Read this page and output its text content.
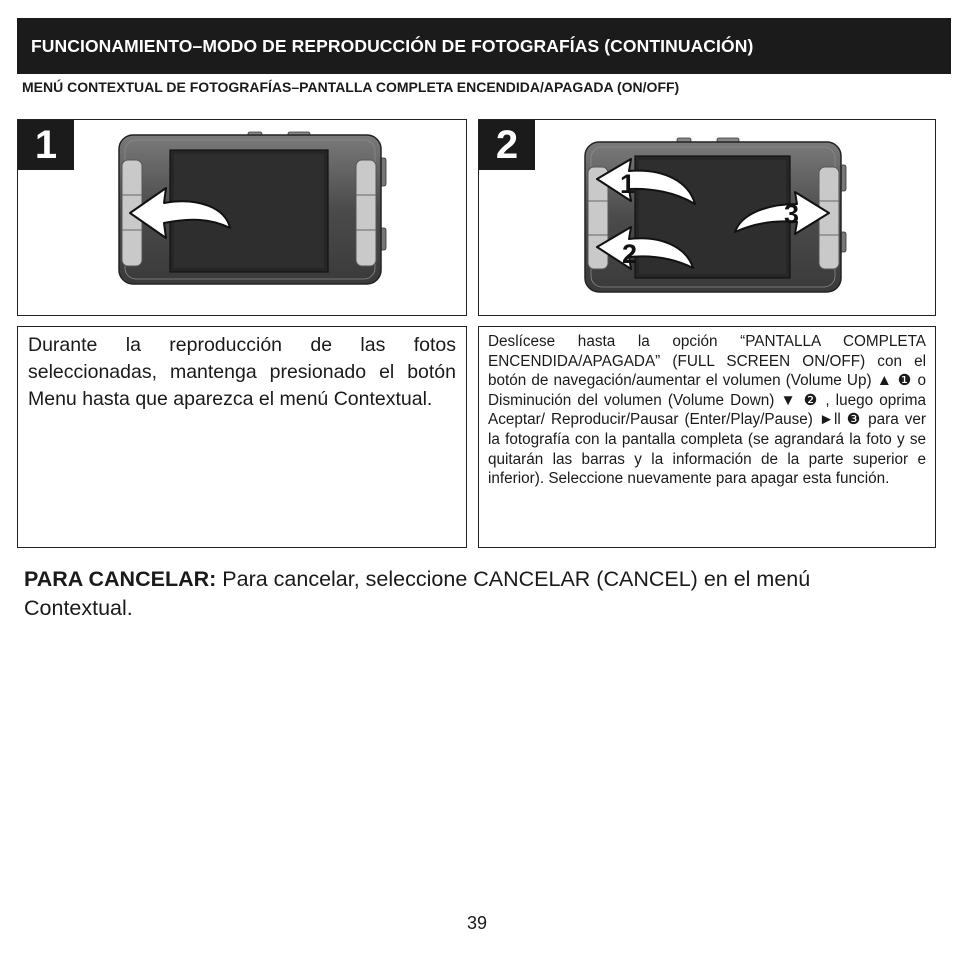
FUNCIONAMIENTO–MODO DE REPRODUCCIÓN DE FOTOGRAFÍAS (CONTINUACIÓN)
MENÚ CONTEXTUAL DE FOTOGRAFÍAS–PANTALLA COMPLETA ENCENDIDA/APAGADA (ON/OFF)
1
1
2
3
2
Durante la reproducción de las fotos seleccionadas, mantenga presionado el botón Menu hasta que aparezca el menú Contextual.
Deslícese hasta la opción “PANTALLA COMPLETA ENCENDIDA/APAGADA” (FULL SCREEN ON/OFF) con el botón de navegación/aumentar el volumen (Volume Up) ▲ ❶ o Disminución del volumen (Volume Down) ▼ ❷ , luego oprima Aceptar/ Reproducir/Pausar (Enter/Play/Pause) ►ll ❸ para ver la fotografía con la pantalla completa (se agrandará la foto y se quitarán las barras y la información de la parte superior e inferior). Seleccione nuevamente para apagar esta función.
PARA CANCELAR: Para cancelar, seleccione CANCELAR (CANCEL) en el menú Contextual.
39
